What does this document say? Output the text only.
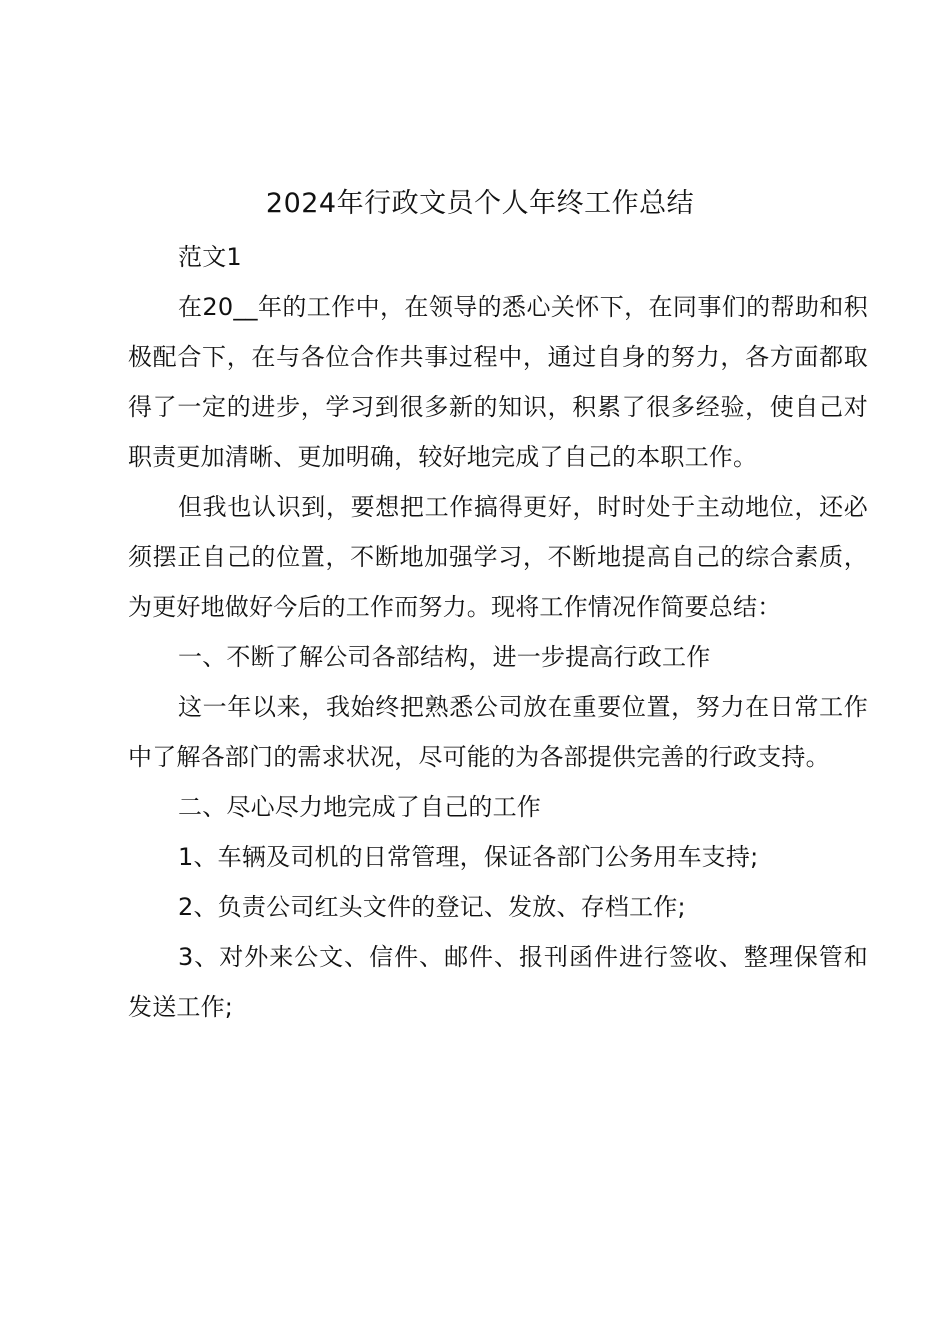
2024年行政文员个人年终工作总结

范文1

在20__年的工作中，在领导的悉心关怀下，在同事们的帮助和积极配合下，在与各位合作共事过程中，通过自身的努力，各方面都取得了一定的进步，学习到很多新的知识，积累了很多经验，使自己对职责更加清晰、更加明确，较好地完成了自己的本职工作。

但我也认识到，要想把工作搞得更好，时时处于主动地位，还必须摆正自己的位置，不断地加强学习，不断地提高自己的综合素质，为更好地做好今后的工作而努力。现将工作情况作简要总结：

一、不断了解公司各部结构，进一步提高行政工作

这一年以来，我始终把熟悉公司放在重要位置，努力在日常工作中了解各部门的需求状况，尽可能的为各部提供完善的行政支持。

二、尽心尽力地完成了自己的工作

1、车辆及司机的日常管理，保证各部门公务用车支持;

2、负责公司红头文件的登记、发放、存档工作;

3、对外来公文、信件、邮件、报刊函件进行签收、整理保管和发送工作;
